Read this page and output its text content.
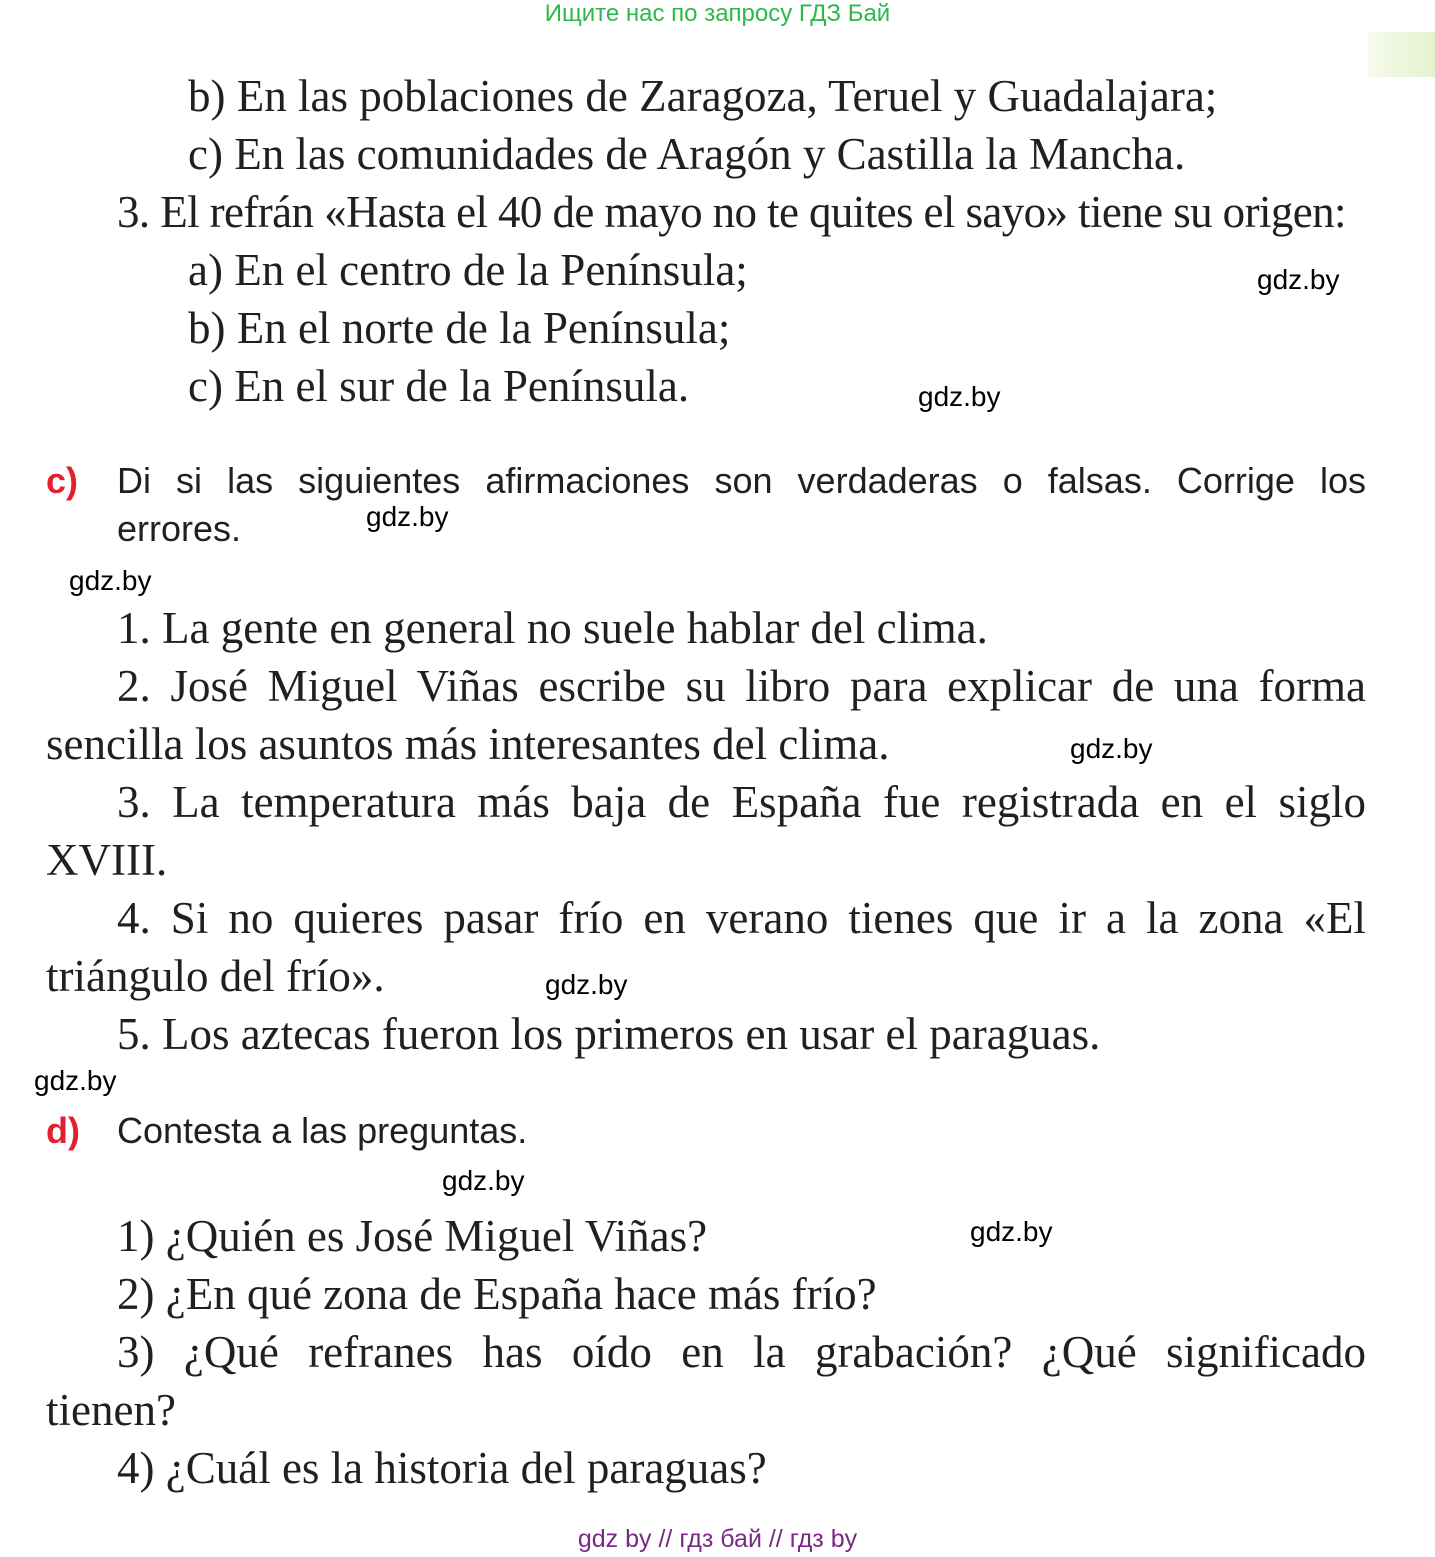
Ищите нас по запросу ГДЗ Бай
b) En las poblaciones de Zaragoza, Teruel y Guadalajara;
c) En las comunidades de Aragón y Castilla la Mancha.
3. El refrán «Hasta el 40 de mayo no te quites el sayo» tiene su origen:
a) En el centro de la Península;
b) En el norte de la Península;
c) En el sur de la Península.
c) Di si las siguientes afirmaciones son verdaderas o falsas. Corrige los
errores.
1. La gente en general no suele hablar del clima.
2. José Miguel Viñas escribe su libro para explicar de una forma
sencilla los asuntos más interesantes del clima.
3. La temperatura más baja de España fue registrada en el siglo
XVIII.
4. Si no quieres pasar frío en verano tienes que ir a la zona «El
triángulo del frío».
5. Los aztecas fueron los primeros en usar el paraguas.
d) Contesta a las preguntas.
1) ¿Quién es José Miguel Viñas?
2) ¿En qué zona de España hace más frío?
3) ¿Qué refranes has oído en la grabación? ¿Qué significado
tienen?
4) ¿Cuál es la historia del paraguas?
gdz.by
gdz.by
gdz.by
gdz.by
gdz.by
gdz.by
gdz.by
gdz.by
gdz.by
gdz by // гдз бай // гдз by
